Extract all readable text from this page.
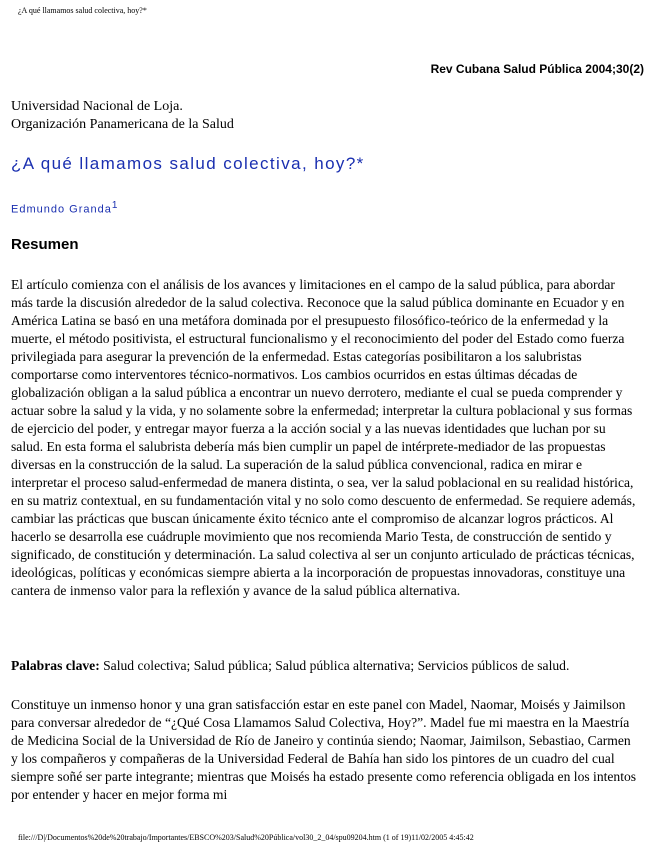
¿A qué llamamos salud colectiva, hoy?*
Rev Cubana Salud Pública 2004;30(2)
Universidad Nacional de Loja.
Organización Panamericana de la Salud
¿A qué llamamos salud colectiva, hoy?*
Edmundo Granda$^1$
Resumen

El artículo comienza con el análisis de los avances y limitaciones en el campo de la salud pública, para abordar más tarde la discusión alrededor de la salud colectiva. Reconoce que la salud pública dominante en Ecuador y en América Latina se basó en una metáfora dominada por el presupuesto filosófico-teórico de la enfermedad y la muerte, el método positivista, el estructural funcionalismo y el reconocimiento del poder del Estado como fuerza privilegiada para asegurar la prevención de la enfermedad. Estas categorías posibilitaron a los salubristas comportarse como interventores técnico-normativos. Los cambios ocurridos en estas últimas décadas de globalización obligan a la salud pública a encontrar un nuevo derrotero, mediante el cual se pueda comprender y actuar sobre la salud y la vida, y no solamente sobre la enfermedad; interpretar la cultura poblacional y sus formas de ejercicio del poder, y entregar mayor fuerza a la acción social y a las nuevas identidades que luchan por su salud. En esta forma el salubrista debería más bien cumplir un papel de intérprete-mediador de las propuestas diversas en la construcción de la salud. La superación de la salud pública convencional, radica en mirar e interpretar el proceso salud-enfermedad de manera distinta, o sea, ver la salud poblacional en su realidad histórica, en su matriz contextual, en su fundamentación vital y no solo como descuento de enfermedad. Se requiere además, cambiar las prácticas que buscan únicamente éxito técnico ante el compromiso de alcanzar logros prácticos. Al hacerlo se desarrolla ese cuádruple movimiento que nos recomienda Mario Testa, de construcción de sentido y significado, de constitución y determinación. La salud colectiva al ser un conjunto articulado de prácticas técnicas, ideológicas, políticas y económicas siempre abierta a la incorporación de propuestas innovadoras, constituye una cantera de inmenso valor para la reflexión y avance de la salud pública alternativa.

Palabras clave: Salud colectiva; Salud pública; Salud pública alternativa; Servicios públicos de salud.

Constituye un inmenso honor y una gran satisfacción estar en este panel con Madel, Naomar, Moisés y Jaimilson para conversar alrededor de “¿Qué Cosa Llamamos Salud Colectiva, Hoy?”. Madel fue mi maestra en la Maestría de Medicina Social de la Universidad de Río de Janeiro y continúa siendo; Naomar, Jaimilson, Sebastiao, Carmen y los compañeros y compañeras de la Universidad Federal de Bahía han sido los pintores de un cuadro del cual siempre soñé ser parte integrante; mientras que Moisés ha estado presente como referencia obligada en los intentos por entender y hacer en mejor forma mi

file:///D|/Documentos%20de%20trabajo/Importantes/EBSCO%203/Salud%20Pública/vol30_2_04/spu09204.htm (1 of 19)11/02/2005 4:45:42
